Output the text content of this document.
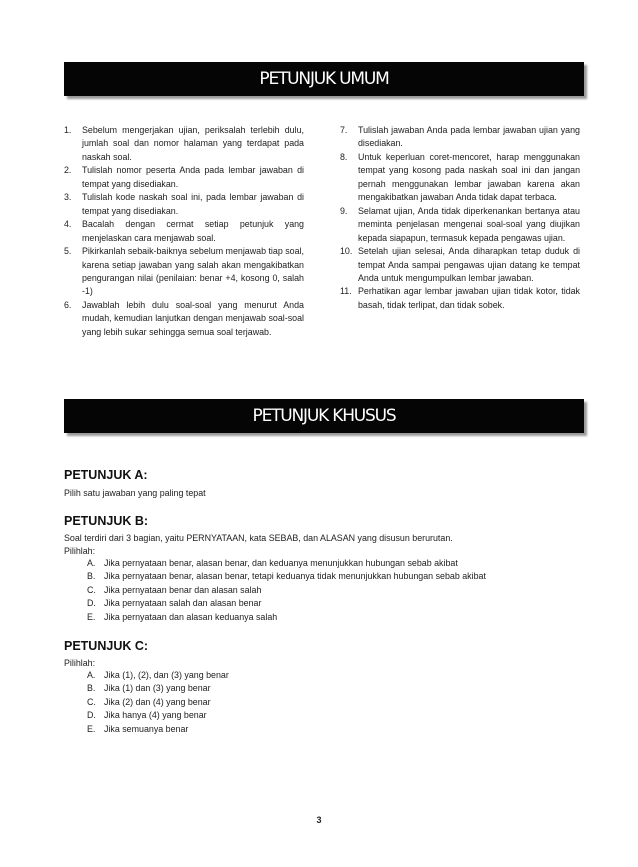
PETUNJUK UMUM
1. Sebelum mengerjakan ujian, periksalah terlebih dulu, jumlah soal dan nomor halaman yang terdapat pada naskah soal.
2. Tulislah nomor peserta Anda pada lembar jawaban di tempat yang disediakan.
3. Tulislah kode naskah soal ini, pada lembar jawaban di tempat yang disediakan.
4. Bacalah dengan cermat setiap petunjuk yang menjelaskan cara menjawab soal.
5. Pikirkanlah sebaik-baiknya sebelum menjawab tiap soal, karena setiap jawaban yang salah akan mengakibatkan pengurangan nilai (penilaian: benar +4, kosong 0, salah -1)
6. Jawablah lebih dulu soal-soal yang menurut Anda mudah, kemudian lanjutkan dengan menjawab soal-soal yang lebih sukar sehingga semua soal terjawab.
7. Tulislah jawaban Anda pada lembar jawaban ujian yang disediakan.
8. Untuk keperluan coret-mencoret, harap menggunakan tempat yang kosong pada naskah soal ini dan jangan pernah menggunakan lembar jawaban karena akan mengakibatkan jawaban Anda tidak dapat terbaca.
9. Selamat ujian, Anda tidak diperkenankan bertanya atau meminta penjelasan mengenai soal-soal yang diujikan kepada siapapun, termasuk kepada pengawas ujian.
10. Setelah ujian selesai, Anda diharapkan tetap duduk di tempat Anda sampai pengawas ujian datang ke tempat Anda untuk mengumpulkan lembar jawaban.
11. Perhatikan agar lembar jawaban ujian tidak kotor, tidak basah, tidak terlipat, dan tidak sobek.
PETUNJUK KHUSUS
PETUNJUK A:
Pilih satu jawaban yang paling tepat
PETUNJUK B:
Soal terdiri dari 3 bagian, yaitu PERNYATAAN, kata SEBAB, dan ALASAN yang disusun berurutan.
Pilihlah:
A. Jika pernyataan benar, alasan benar, dan keduanya menunjukkan hubungan sebab akibat
B. Jika pernyataan benar, alasan benar, tetapi keduanya tidak menunjukkan hubungan sebab akibat
C. Jika pernyataan benar dan alasan salah
D. Jika pernyataan salah dan alasan benar
E. Jika pernyataan dan alasan keduanya salah
PETUNJUK C:
Pilihlah:
A. Jika (1), (2), dan (3) yang benar
B. Jika (1) dan (3) yang benar
C. Jika (2) dan (4) yang benar
D. Jika hanya (4) yang benar
E. Jika semuanya benar
3
